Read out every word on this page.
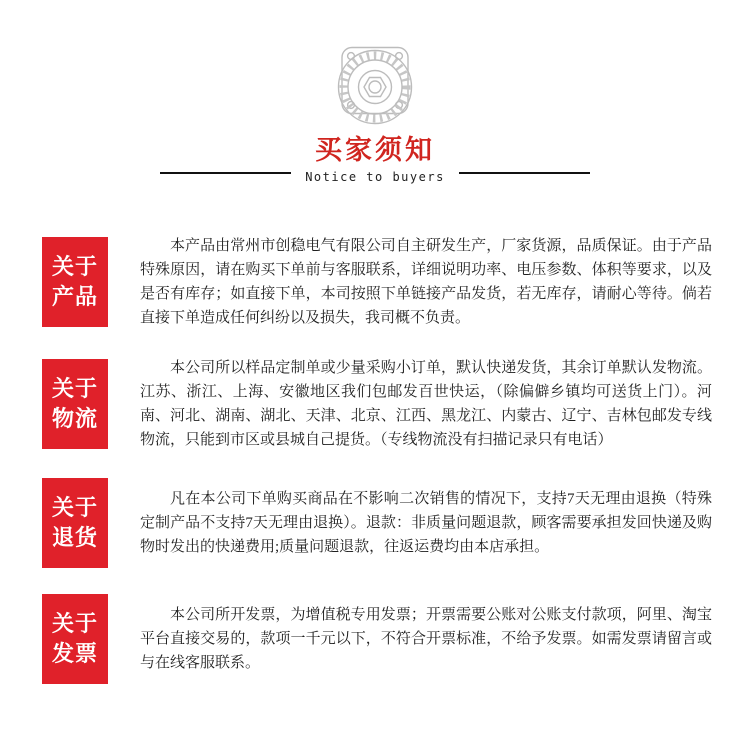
买家须知
Notice to buyers
关于
产品
本产品由常州市创稳电气有限公司自主研发生产，厂家货源，品质保证。由于产品特殊原因，请在购买下单前与客服联系，详细说明功率、电压参数、体积等要求，以及是否有库存；如直接下单，本司按照下单链接产品发货，若无库存，请耐心等待。倘若直接下单造成任何纠纷以及损失，我司概不负责。
关于
物流
本公司所以样品定制单或少量采购小订单，默认快递发货，其余订单默认发物流。江苏、浙江、上海、安徽地区我们包邮发百世快运，（除偏僻乡镇均可送货上门）。河南、河北、湖南、湖北、天津、北京、江西、黑龙江、内蒙古、辽宁、吉林包邮发专线物流，只能到市区或县城自己提货。（专线物流没有扫描记录只有电话）
关于
退货
凡在本公司下单购买商品在不影响二次销售的情况下，支持7天无理由退换（特殊定制产品不支持7天无理由退换）。退款：非质量问题退款，顾客需要承担发回快递及购物时发出的快递费用;质量问题退款，往返运费均由本店承担。
关于
发票
本公司所开发票，为增值税专用发票；开票需要公账对公账支付款项，阿里、淘宝平台直接交易的，款项一千元以下，不符合开票标准，不给予发票。如需发票请留言或与在线客服联系。
